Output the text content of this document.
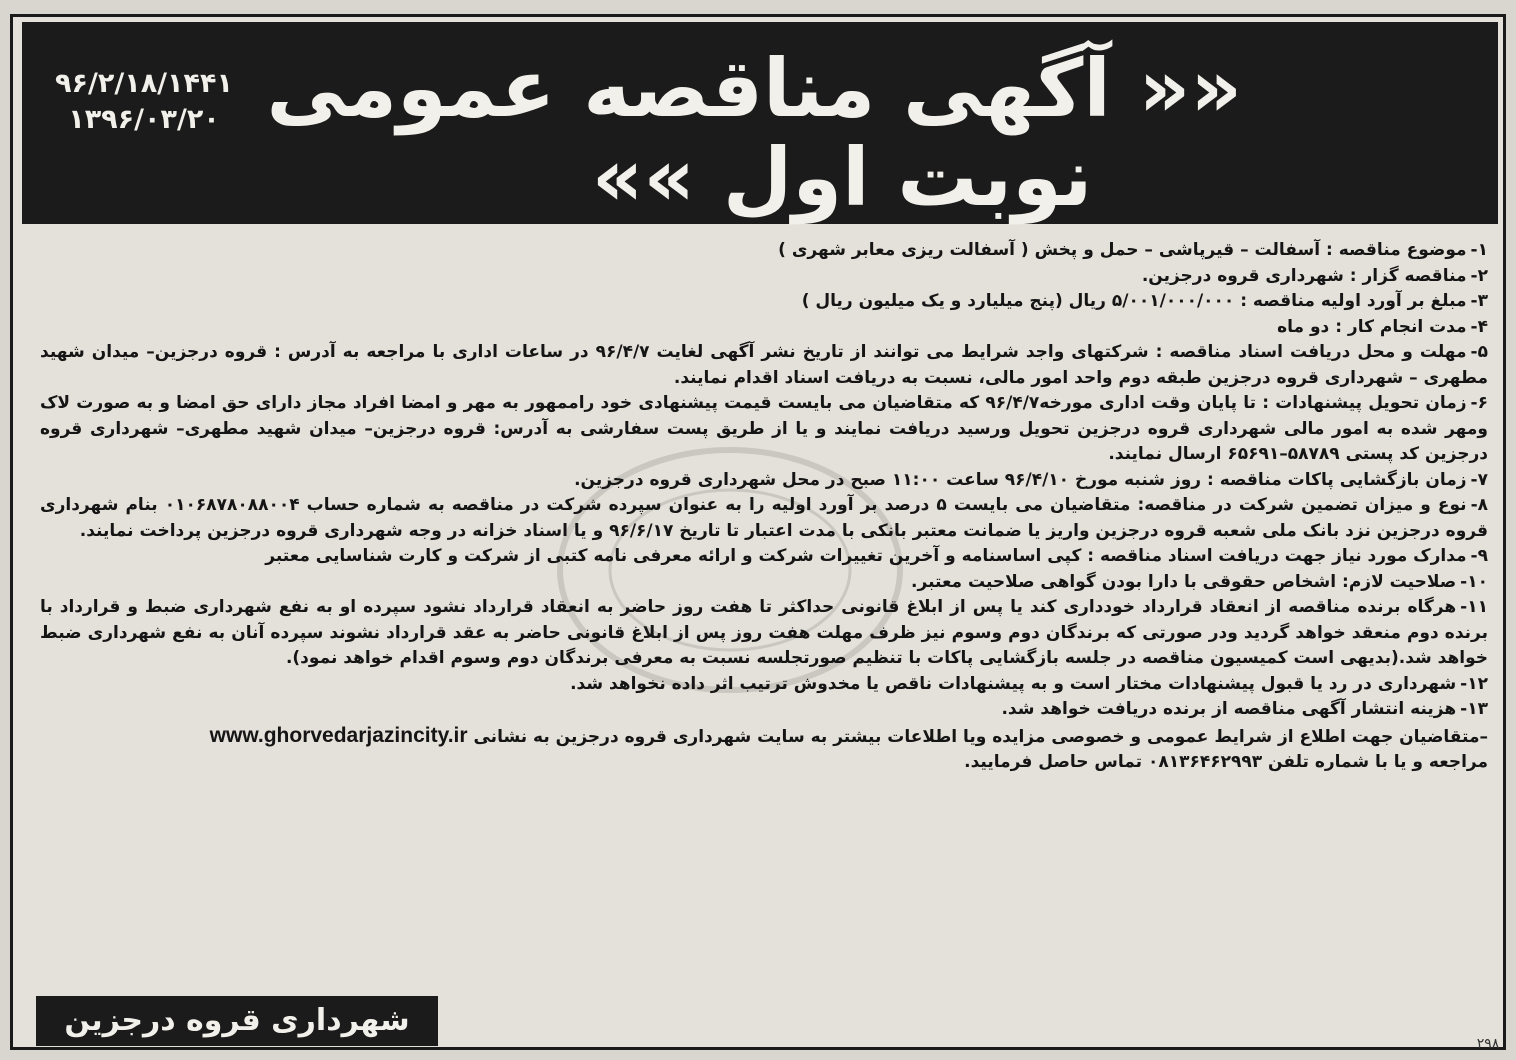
«« آگهی مناقصه عمومی
نوبت اول »»
۹۶/۲/۱۸/۱۴۴۱
۱۳۹۶/۰۳/۲۰

۱-موضوع مناقصه : آسفالت – قیرپاشی – حمل و پخش ( آسفالت ریزی معابر شهری )

۲-مناقصه گزار : شهرداری قروه درجزین.

۳-مبلغ بر آورد اولیه مناقصه : ۵/۰۰۱/۰۰۰/۰۰۰ ریال (پنج میلیارد و یک میلیون ریال )

۴-مدت انجام کار : دو ماه

۵-مهلت و محل دریافت اسناد مناقصه : شرکتهای واجد شرایط می توانند از تاریخ نشر آگهی لغایت ۹۶/۴/۷ در ساعات اداری با مراجعه به آدرس : قروه درجزین– میدان شهید مطهری – شهرداری قروه درجزین طبقه دوم واحد امور مالی، نسبت به دریافت اسناد اقدام نمایند.

۶-زمان تحویل پیشنهادات : تا پایان وقت اداری مورخه۹۶/۴/۷ که متقاضیان می بایست قیمت پیشنهادی خود راممهور به مهر و امضا افراد مجاز دارای حق امضا و به صورت لاک ومهر شده به امور مالی شهرداری قروه درجزین تحویل ورسید دریافت نمایند و یا از طریق پست سفارشی به آدرس: قروه درجزین– میدان شهید مطهری– شهرداری قروه درجزین کد پستی ۵۸۷۸۹–۶۵۶۹۱ ارسال نمایند.

۷-زمان بازگشایی پاکات مناقصه : روز شنبه مورخ ۹۶/۴/۱۰ ساعت ۱۱:۰۰ صبح در محل شهرداری قروه درجزین.

۸-نوع و میزان تضمین شرکت در مناقصه: متقاضیان می بایست ۵ درصد بر آورد اولیه را به عنوان سپرده شرکت در مناقصه به شماره حساب ۰۱۰۶۸۷۸۰۸۸۰۰۴ بنام شهرداری قروه درجزین نزد بانک ملی شعبه قروه درجزین واریز یا ضمانت معتبر بانکی با مدت اعتبار تا تاریخ ۹۶/۶/۱۷ و یا اسناد خزانه در وجه شهرداری قروه درجزین پرداخت نمایند.

۹-مدارک مورد نیاز جهت دریافت اسناد مناقصه : کپی اساسنامه و آخرین تغییرات شرکت و ارائه معرفی نامه کتبی از شرکت و کارت شناسایی معتبر

۱۰-صلاحیت لازم: اشخاص حقوقی با دارا بودن گواهی صلاحیت معتبر.

۱۱-هرگاه برنده مناقصه از انعقاد قرارداد خودداری کند یا پس از ابلاغ قانونی حداکثر تا هفت روز حاضر به انعقاد قرارداد نشود سپرده او به نفع شهرداری ضبط و قرارداد با برنده دوم منعقد خواهد گردید ودر صورتی که برندگان دوم وسوم نیز ظرف مهلت هفت روز پس از ابلاغ قانونی حاضر به عقد قرارداد نشوند سپرده آنان به نفع شهرداری ضبط خواهد شد.(بدیهی است کمیسیون مناقصه در جلسه بازگشایی پاکات با تنظیم صورتجلسه نسبت به معرفی برندگان دوم وسوم اقدام خواهد نمود).

۱۲-شهرداری در رد یا قبول پیشنهادات مختار است و به پیشنهادات ناقص یا مخدوش ترتیب اثر داده نخواهد شد.

۱۳-هزینه انتشار آگهی مناقصه از برنده دریافت خواهد شد.

–متقاضیان جهت اطلاع از شرایط عمومی و خصوصی مزایده ویا اطلاعات بیشتر به سایت شهرداری قروه درجزین به نشانی www.ghorvedarjazincity.ir
مراجعه و یا با شماره تلفن ۰۸۱۳۶۴۶۲۹۹۳ تماس حاصل فرمایید.

شهرداری قروه درجزین
۲۹۸
